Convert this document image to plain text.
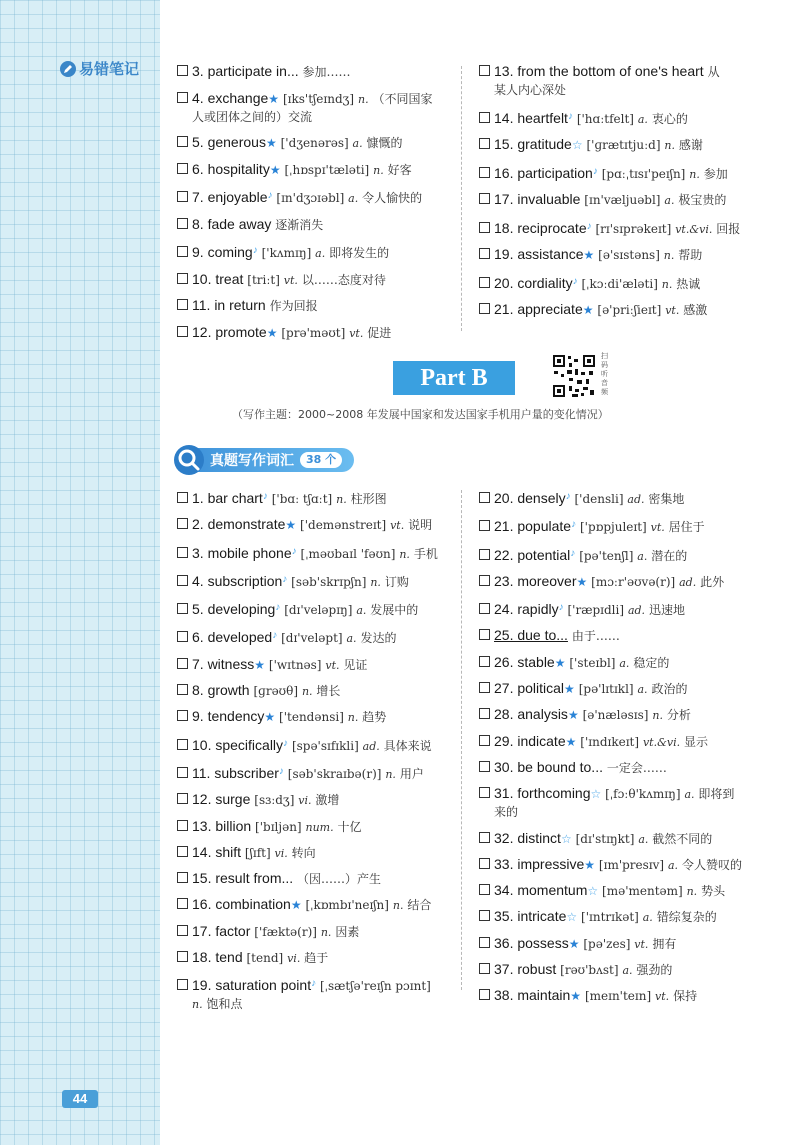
易错笔记
44
3. participate in... 参加……
4. exchange★ [ɪks'tʃeɪndʒ] n. （不同国家
人或团体之间的）交流
5. generous★ ['dʒenərəs] a. 慷慨的
6. hospitality★ [ˌhɒspɪ'tæləti] n. 好客
7. enjoyable♪ [ɪn'dʒɔɪəbl] a. 令人愉快的
8. fade away 逐渐消失
9. coming♪ ['kʌmɪŋ] a. 即将发生的
10. treat [triːt] vt. 以……态度对待
11. in return 作为回报
12. promote★ [prə'məʊt] vt. 促进
13. from the bottom of one's heart 从
某人内心深处
14. heartfelt♪ ['hɑːtfelt] a. 衷心的
15. gratitude☆ ['ɡrætɪtjuːd] n. 感谢
16. participation♪ [pɑːˌtɪsɪ'peɪʃn] n. 参加
17. invaluable [ɪn'væljuəbl] a. 极宝贵的
18. reciprocate♪ [rɪ'sɪprəkeɪt] vt.&vi. 回报
19. assistance★ [ə'sɪstəns] n. 帮助
20. cordiality♪ [ˌkɔːdi'æləti] n. 热诚
21. appreciate★ [ə'priːʃieɪt] vt. 感激
Part B
扫码听音频
（写作主题：2000~2008 年发展中国家和发达国家手机用户量的变化情况）
真题写作词汇	38 个
1. bar chart♪ ['bɑː tʃɑːt] n. 柱形图
2. demonstrate★ ['demənstreɪt] vt. 说明
3. mobile phone♪ [ˌməʊbaɪl 'fəʊn] n. 手机
4. subscription♪ [səb'skrɪpʃn] n. 订购
5. developing♪ [dɪ'veləpɪŋ] a. 发展中的
6. developed♪ [dɪ'veləpt] a. 发达的
7. witness★ ['wɪtnəs] vt. 见证
8. growth [ɡrəʊθ] n. 增长
9. tendency★ ['tendənsi] n. 趋势
10. specifically♪ [spə'sɪfɪkli] ad. 具体来说
11. subscriber♪ [səb'skraɪbə(r)] n. 用户
12. surge [sɜːdʒ] vi. 激增
13. billion ['bɪljən] num. 十亿
14. shift [ʃɪft] vi. 转向
15. result from... （因……）产生
16. combination★ [ˌkɒmbɪ'neɪʃn] n. 结合
17. factor ['fæktə(r)] n. 因素
18. tend [tend] vi. 趋于
19. saturation point♪ [ˌsætʃə'reɪʃn pɔɪnt]
n. 饱和点
20. densely♪ ['densli] ad. 密集地
21. populate♪ ['pɒpjuleɪt] vt. 居住于
22. potential♪ [pə'tenʃl] a. 潜在的
23. moreover★ [mɔːr'əʊvə(r)] ad. 此外
24. rapidly♪ ['ræpɪdli] ad. 迅速地
25. due to... 由于……
26. stable★ ['steɪbl] a. 稳定的
27. political★ [pə'lɪtɪkl] a. 政治的
28. analysis★ [ə'næləsɪs] n. 分析
29. indicate★ ['ɪndɪkeɪt] vt.&vi. 显示
30. be bound to... 一定会……
31. forthcoming☆ [ˌfɔːθ'kʌmɪŋ] a. 即将到
来的
32. distinct☆ [dɪ'stɪŋkt] a. 截然不同的
33. impressive★ [ɪm'presɪv] a. 令人赞叹的
34. momentum☆ [mə'mentəm] n. 势头
35. intricate☆ ['ɪntrɪkət] a. 错综复杂的
36. possess★ [pə'zes] vt. 拥有
37. robust [rəʊ'bʌst] a. 强劲的
38. maintain★ [meɪn'teɪn] vt. 保持
